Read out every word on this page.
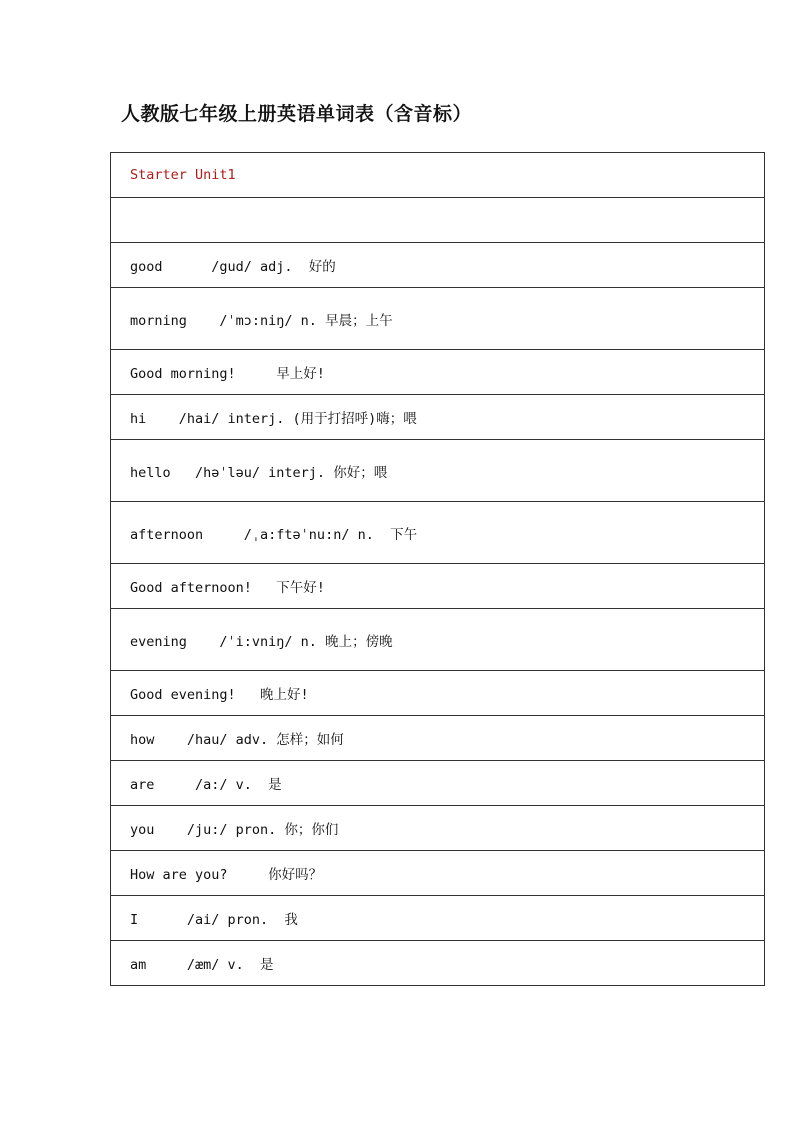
人教版七年级上册英语单词表（含音标）
Starter Unit1

good      /gud/ adj.  好的
morning    /ˈmɔ:niŋ/ n. 早晨；上午
Good morning!     早上好!
hi    /hai/ interj. (用于打招呼)嗨；喂
hello   /həˈləu/ interj. 你好；喂
afternoon     /ˌa:ftəˈnu:n/ n.  下午
Good afternoon!   下午好!
evening    /ˈi:vniŋ/ n. 晚上；傍晚
Good evening!   晚上好!
how    /hau/ adv. 怎样；如何
are     /a:/ v.  是
you    /ju:/ pron. 你；你们
How are you?     你好吗？
I      /ai/ pron.  我
am     /æm/ v.  是
